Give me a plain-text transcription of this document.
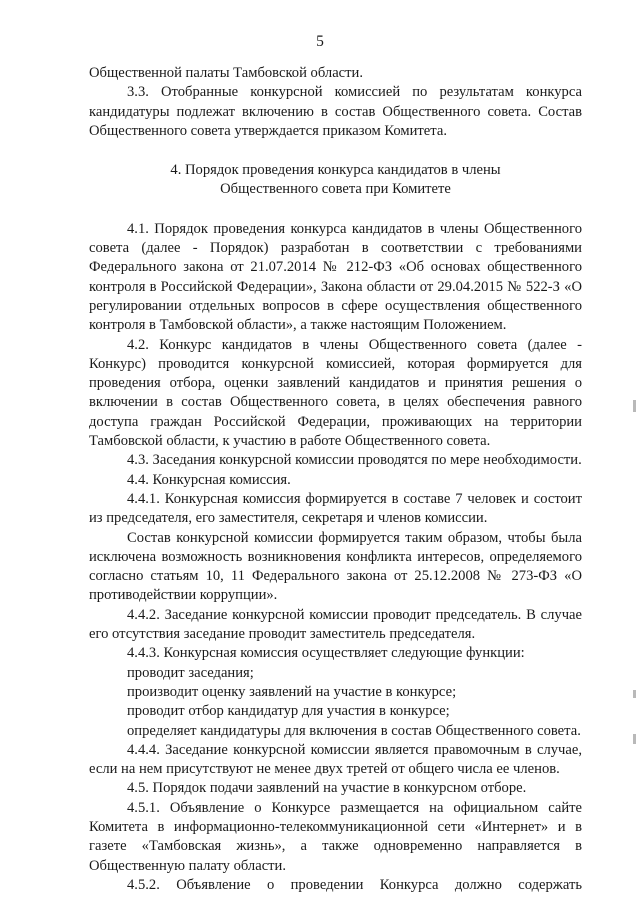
5

Общественной палаты Тамбовской области.

3.3. Отобранные конкурсной комиссией по результатам конкурса кандидатуры подлежат включению в состав Общественного совета. Состав Общественного совета утверждается приказом Комитета.

4. Порядок проведения конкурса кандидатов в члены
Общественного совета при Комитете

4.1. Порядок проведения конкурса кандидатов в члены Общественного совета (далее - Порядок) разработан в соответствии с требованиями Федерального закона от 21.07.2014 № 212-ФЗ «Об основах общественного контроля в Российской Федерации», Закона области от 29.04.2015 № 522-З «О регулировании отдельных вопросов в сфере осуществления общественного контроля в Тамбовской области», а также настоящим Положением.

4.2. Конкурс кандидатов в члены Общественного совета (далее - Конкурс) проводится конкурсной комиссией, которая формируется для проведения отбора, оценки заявлений кандидатов и принятия решения о включении в состав Общественного совета, в целях обеспечения равного доступа граждан Российской Федерации, проживающих на территории Тамбовской области, к участию в работе Общественного совета.

4.3. Заседания конкурсной комиссии проводятся по мере необходимости.

4.4. Конкурсная комиссия.

4.4.1. Конкурсная комиссия формируется в составе 7 человек и состоит из председателя, его заместителя, секретаря и членов комиссии.

Состав конкурсной комиссии формируется таким образом, чтобы была исключена возможность возникновения конфликта интересов, определяемого согласно статьям 10, 11 Федерального закона от 25.12.2008 № 273-ФЗ «О противодействии коррупции».

4.4.2. Заседание конкурсной комиссии проводит председатель. В случае его отсутствия заседание проводит заместитель председателя.

4.4.3. Конкурсная комиссия осуществляет следующие функции:

проводит заседания;

производит оценку заявлений на участие в конкурсе;

проводит отбор кандидатур для участия в конкурсе;

определяет кандидатуры для включения в состав Общественного совета.

4.4.4. Заседание конкурсной комиссии является правомочным в случае, если на нем присутствуют не менее двух третей от общего числа ее членов.

4.5. Порядок подачи заявлений на участие в конкурсном отборе.

4.5.1. Объявление о Конкурсе размещается на официальном сайте Комитета в информационно-телекоммуникационной сети «Интернет» и в газете «Тамбовская жизнь», а также одновременно направляется в Общественную палату области.

4.5.2. Объявление о проведении Конкурса должно содержать
